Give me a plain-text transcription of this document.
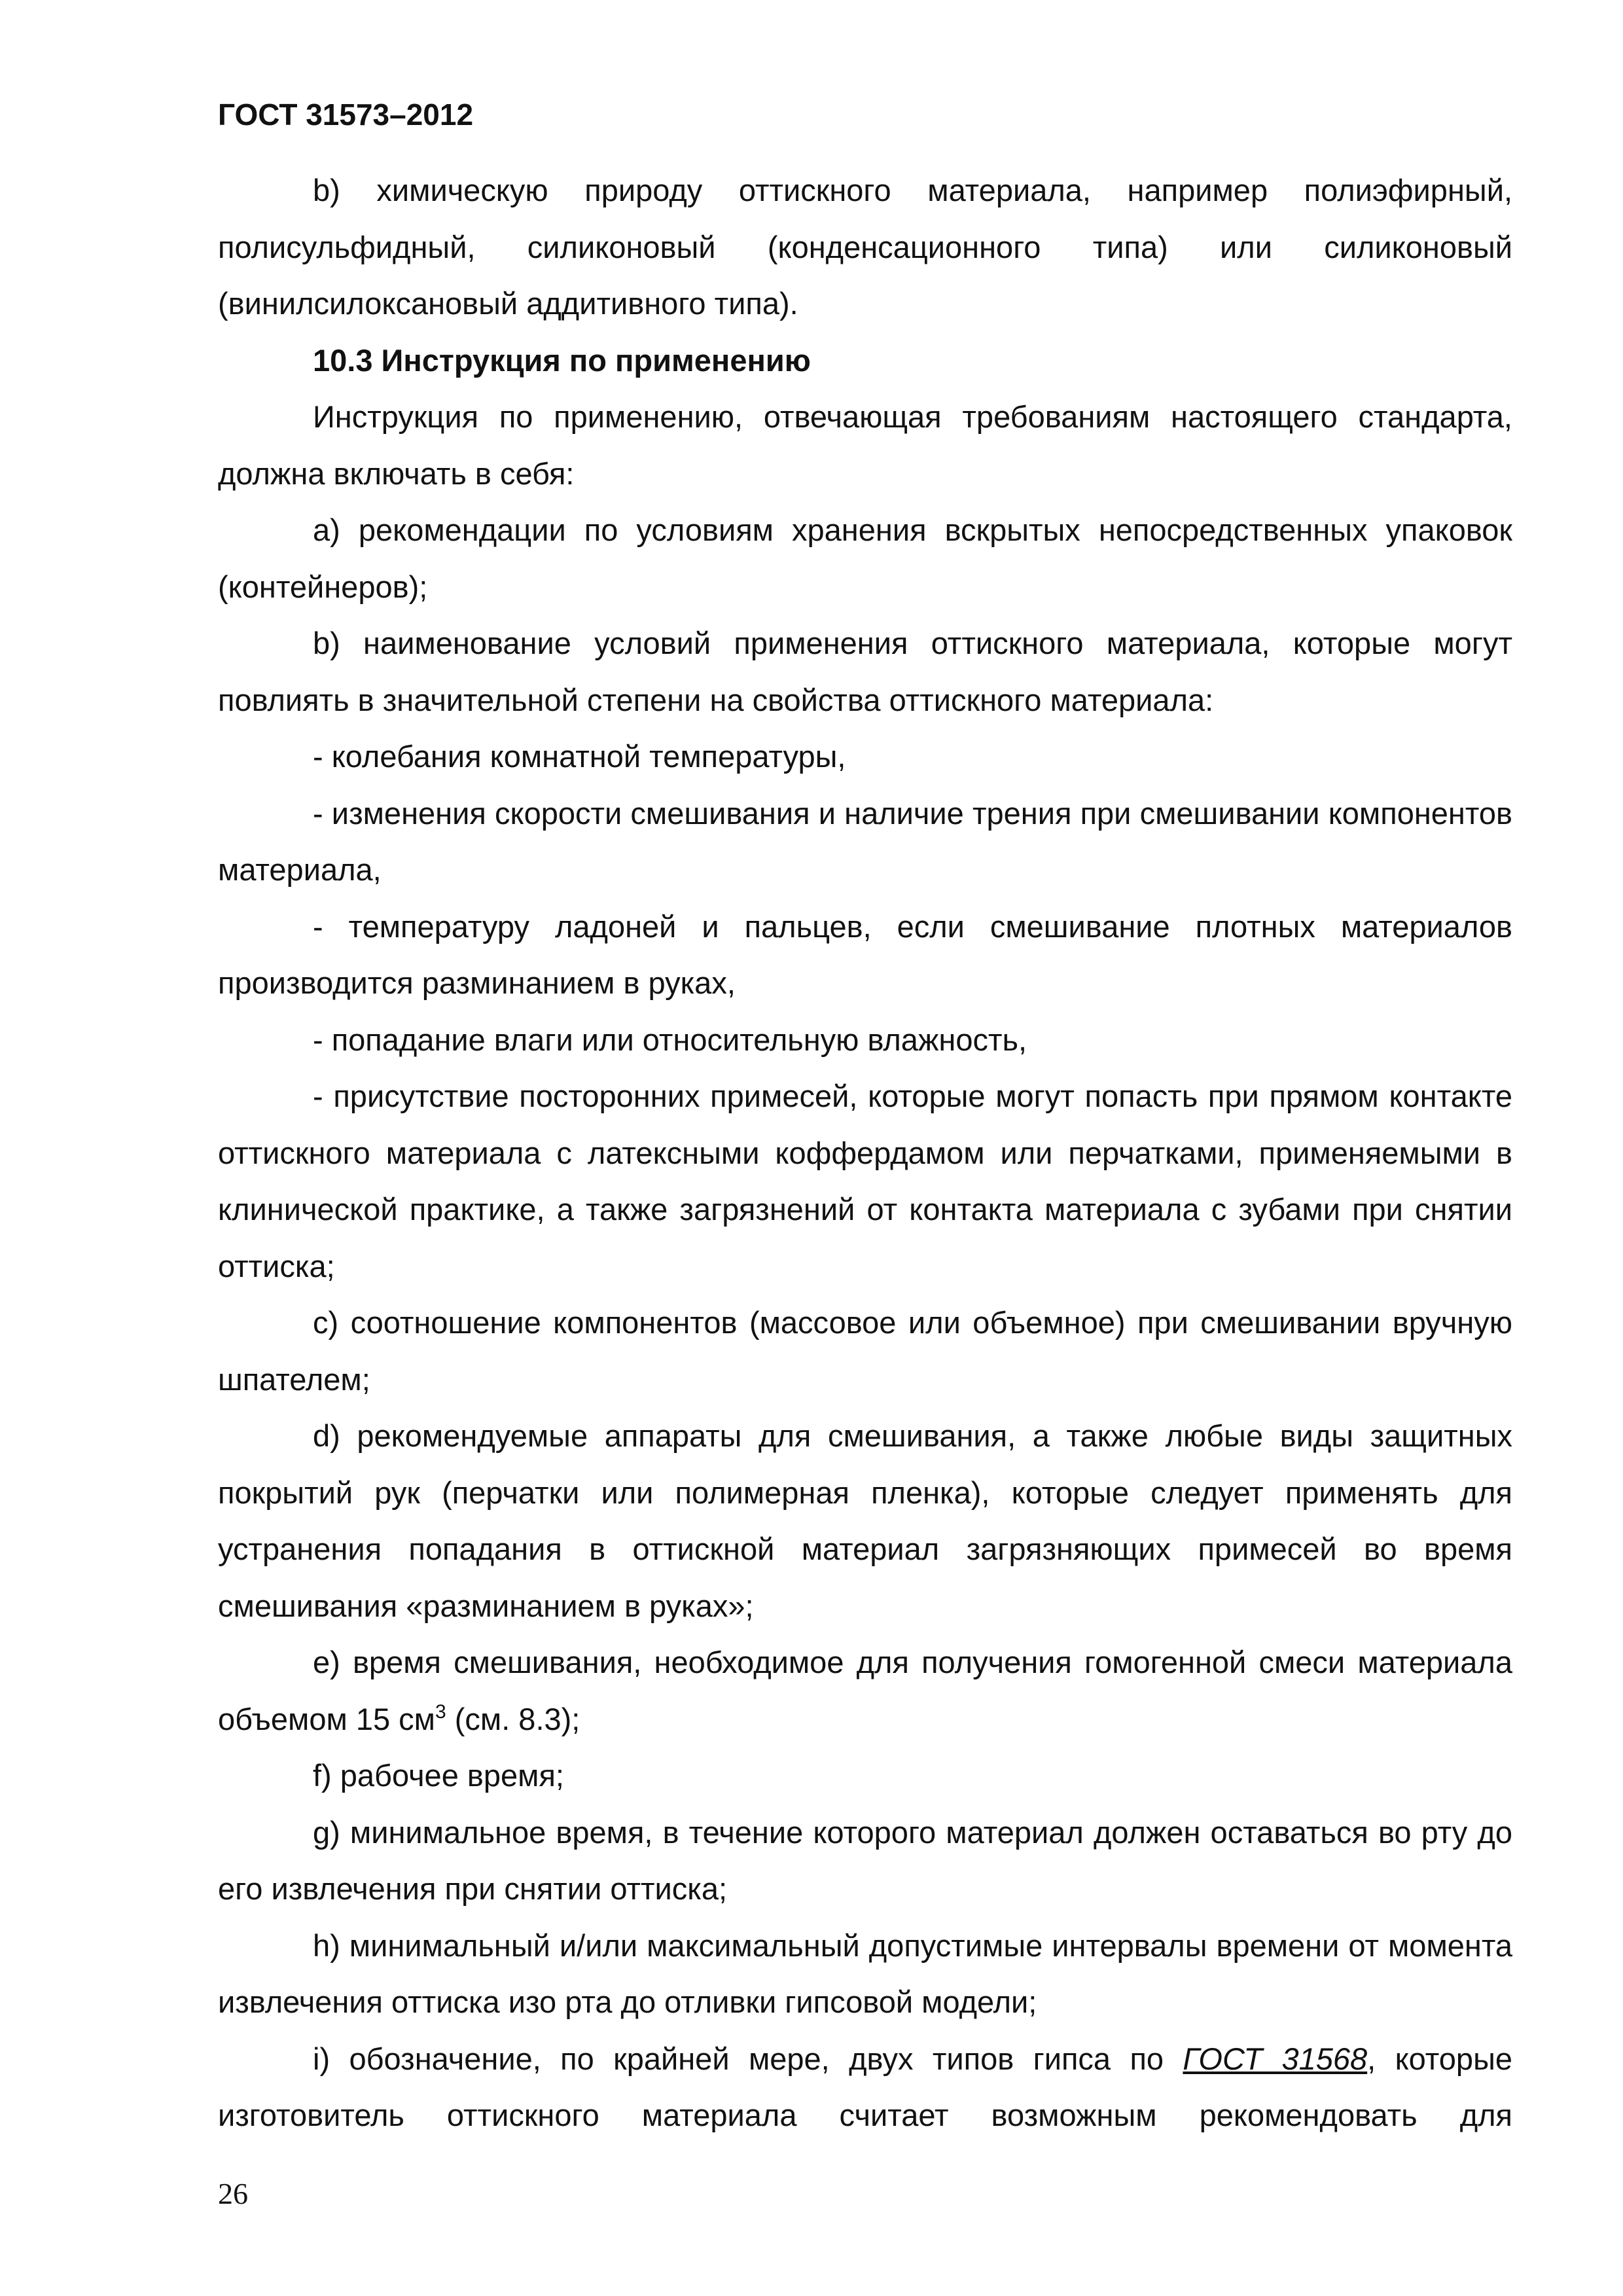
ГОСТ 31573–2012

b) химическую природу оттискного материала, например полиэфирный, полисульфидный, силиконовый (конденсационного типа) или силиконовый (винилсилоксановый аддитивного типа).

10.3 Инструкция по применению

Инструкция по применению, отвечающая требованиям настоящего стандарта, должна включать в себя:

а) рекомендации по условиям хранения вскрытых непосредственных упаковок (контейнеров);

b) наименование условий применения оттискного материала, которые могут повлиять в значительной степени на свойства оттискного материала:

- колебания комнатной температуры,

- изменения скорости смешивания и наличие трения при смешивании компонентов материала,

- температуру ладоней и пальцев, если смешивание плотных материалов производится разминанием в руках,

- попадание влаги или относительную влажность,

- присутствие посторонних примесей, которые могут попасть при прямом контакте оттискного материала с латексными коффердамом или перчатками, применяемыми в клинической практике, а также загрязнений от контакта материала с зубами при снятии оттиска;

с) соотношение компонентов (массовое или объемное) при смешивании вручную шпателем;

d) рекомендуемые аппараты для смешивания, а также любые виды защитных покрытий рук (перчатки или полимерная пленка), которые следует применять для устранения попадания в оттискной материал загрязняющих примесей во время смешивания «разминанием в руках»;

е) время смешивания, необходимое для получения гомогенной смеси материала объемом 15 $см^3$ (см. 8.3);

f) рабочее время;

g) минимальное время, в течение которого материал должен оставаться во рту до его извлечения при снятии оттиска;

h) минимальный и/или максимальный допустимые интервалы времени от момента извлечения оттиска изо рта до отливки гипсовой модели;

i) обозначение, по крайней мере, двух типов гипса по ГОСТ 31568, которые изготовитель оттискного материала считает возможным рекомендовать для

26
